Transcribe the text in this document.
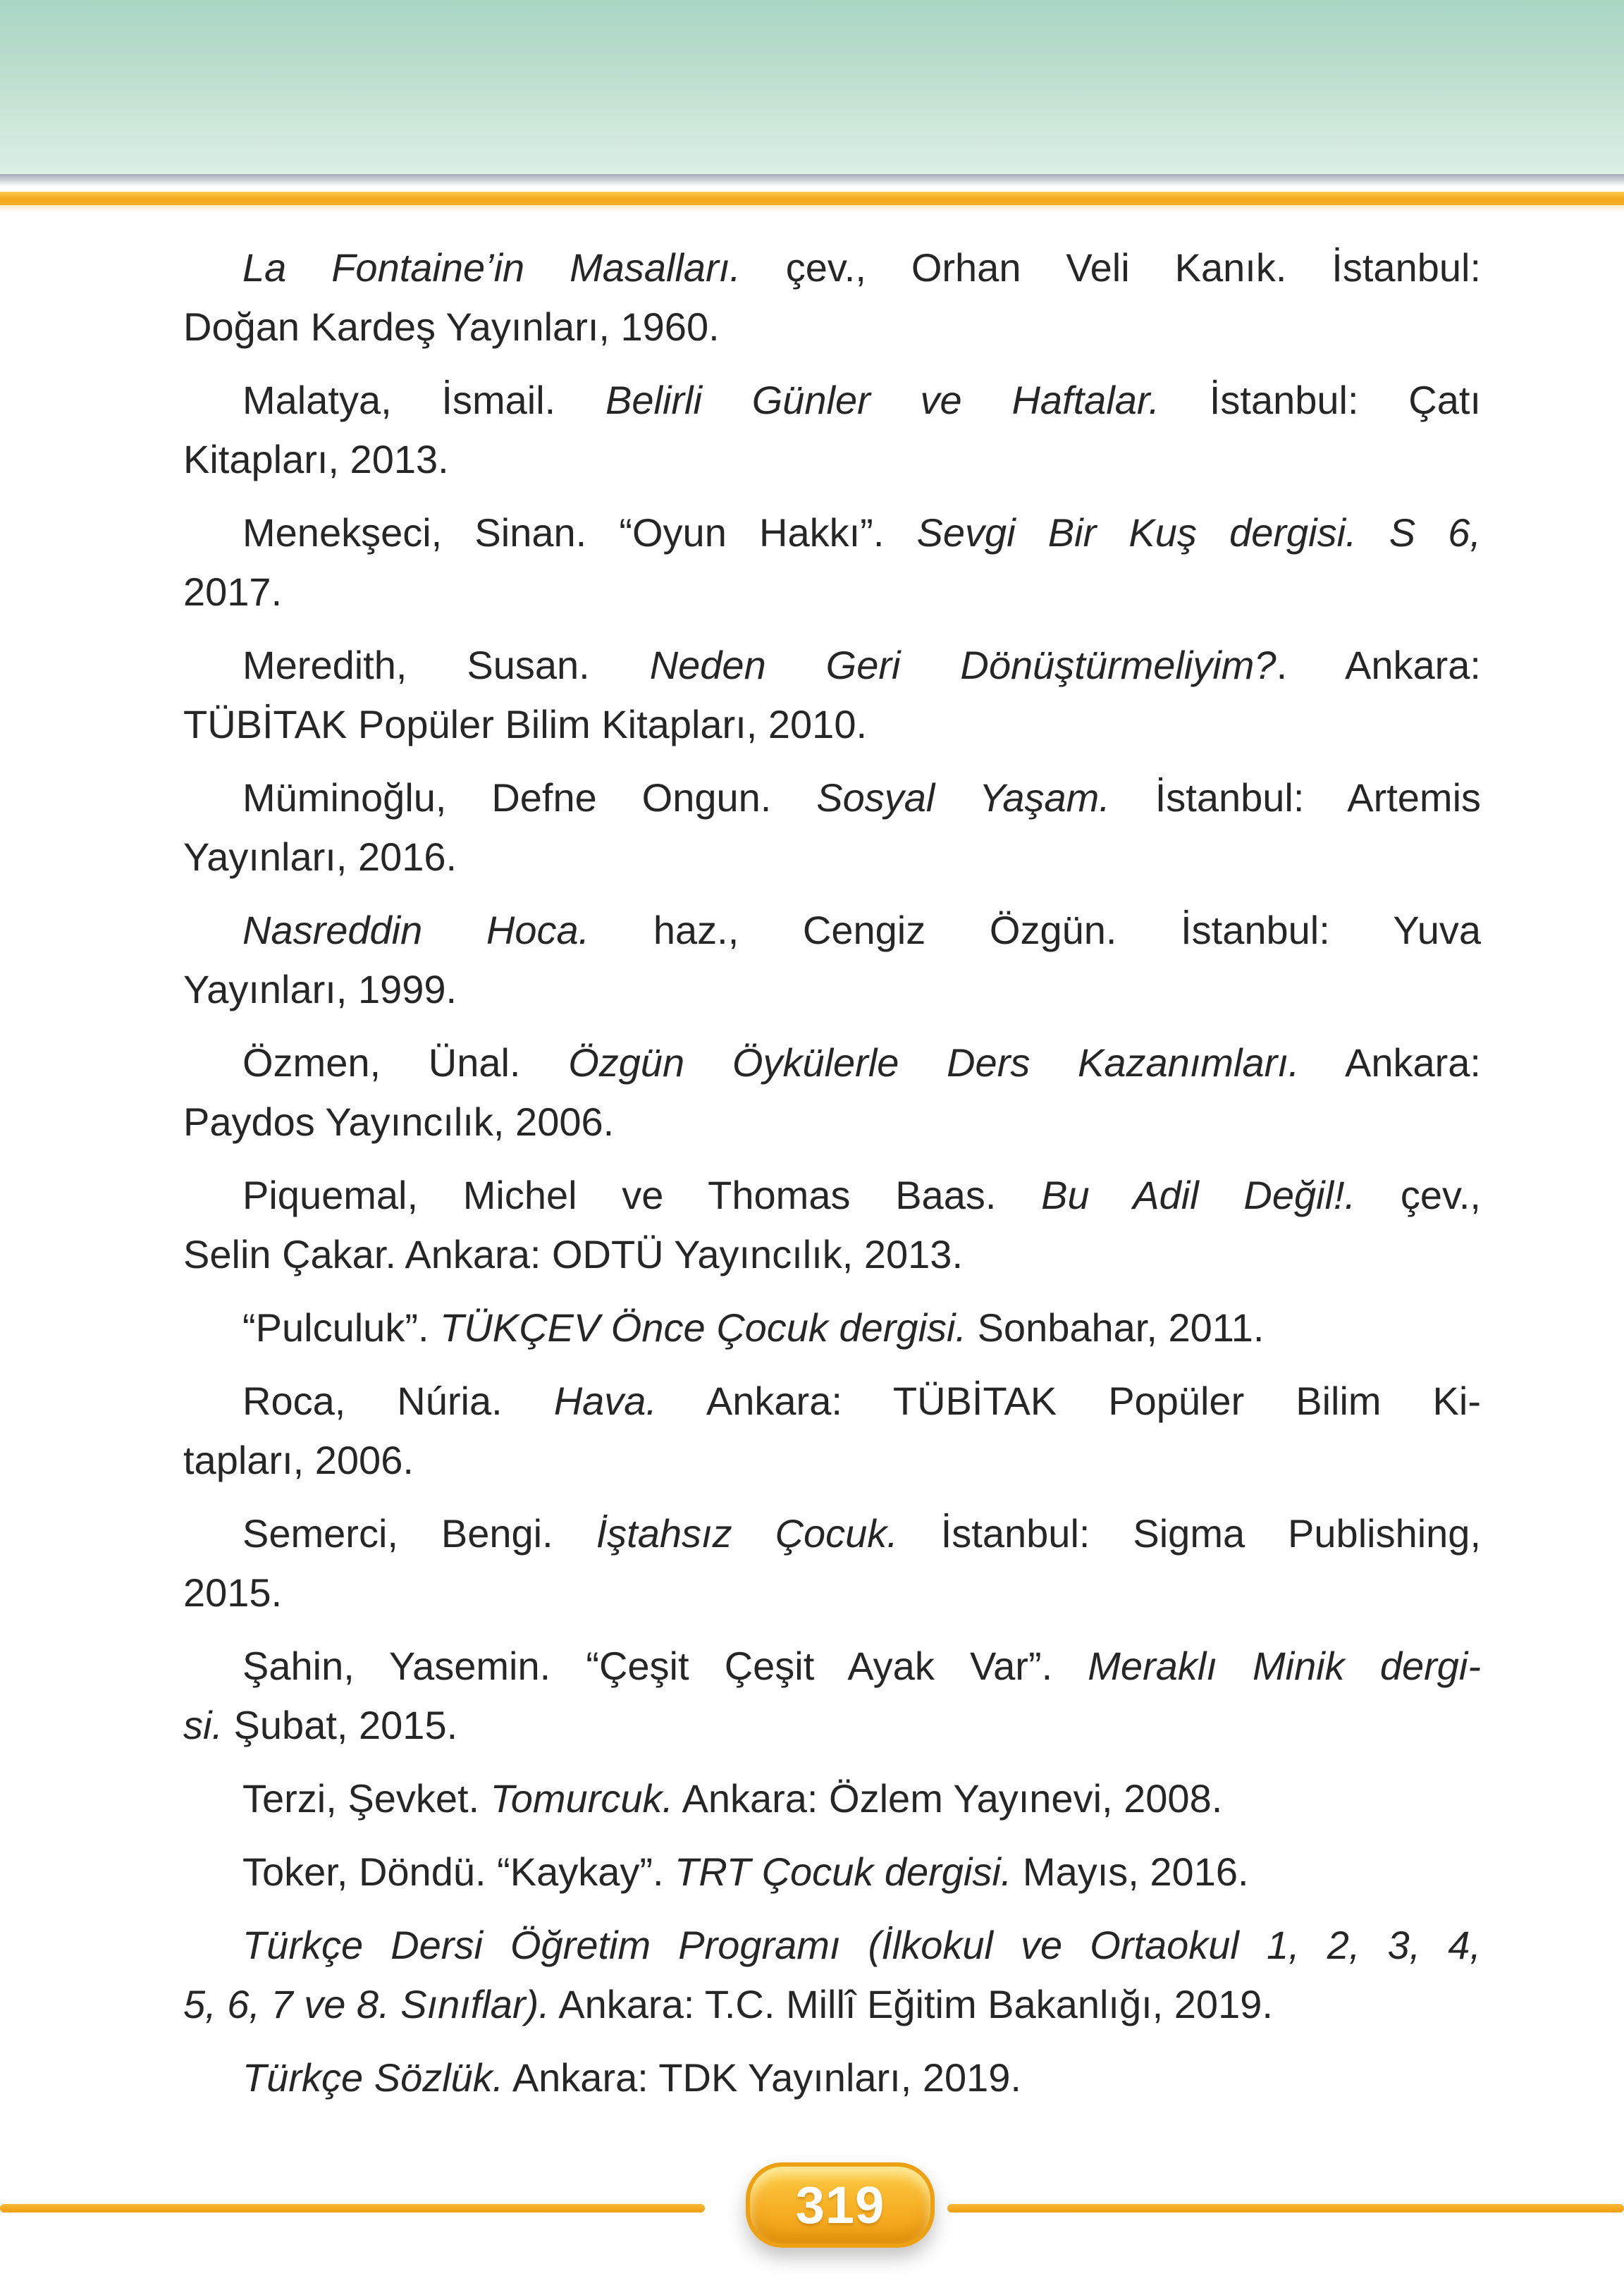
La Fontaine’in Masalları. çev., Orhan Veli Kanık. İstanbul:
Doğan Kardeş Yayınları, 1960.
Malatya, İsmail. Belirli Günler ve Haftalar. İstanbul: Çatı
Kitapları, 2013.
Menekşeci, Sinan. “Oyun Hakkı”. Sevgi Bir Kuş dergisi. S 6,
2017.
Meredith, Susan. Neden Geri Dönüştürmeliyim?. Ankara:
TÜBİTAK Popüler Bilim Kitapları, 2010.
Müminoğlu, Defne Ongun. Sosyal Yaşam. İstanbul: Artemis
Yayınları, 2016.
Nasreddin Hoca. haz., Cengiz Özgün. İstanbul: Yuva
Yayınları, 1999.
Özmen, Ünal. Özgün Öykülerle Ders Kazanımları. Ankara:
Paydos Yayıncılık, 2006.
Piquemal, Michel ve Thomas Baas. Bu Adil Değil!. çev.,
Selin Çakar. Ankara: ODTÜ Yayıncılık, 2013.
“Pulculuk”. TÜKÇEV Önce Çocuk dergisi. Sonbahar, 2011.
Roca, Núria. Hava. Ankara: TÜBİTAK Popüler Bilim Ki-
tapları, 2006.
Semerci, Bengi. İştahsız Çocuk. İstanbul: Sigma Publishing,
2015.
Şahin, Yasemin. “Çeşit Çeşit Ayak Var”. Meraklı Minik dergi-
si. Şubat, 2015.
Terzi, Şevket. Tomurcuk. Ankara: Özlem Yayınevi, 2008.
Toker, Döndü. “Kaykay”. TRT Çocuk dergisi. Mayıs, 2016.
Türkçe Dersi Öğretim Programı (İlkokul ve Ortaokul 1, 2, 3, 4,
5, 6, 7 ve 8. Sınıflar). Ankara: T.C. Millî Eğitim Bakanlığı, 2019.
Türkçe Sözlük. Ankara: TDK Yayınları, 2019.
319
